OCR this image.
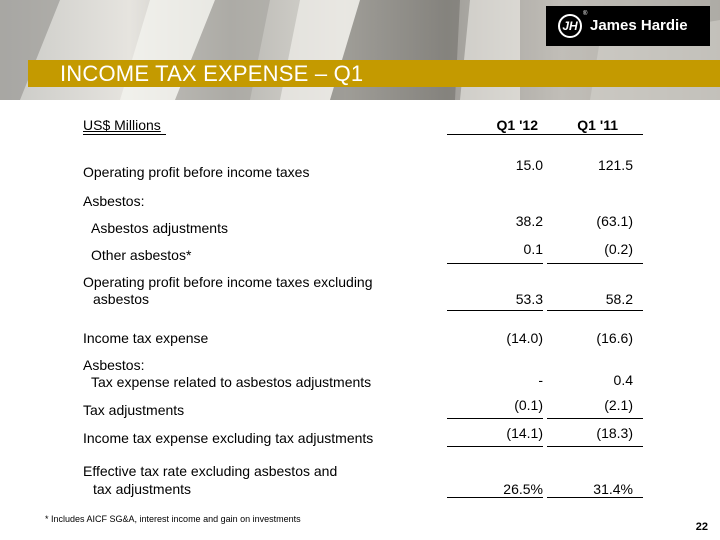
INCOME TAX EXPENSE – Q1
JH
®
James Hardie
US$ Millions	Q1 '12	Q1 '11
Operating profit before income taxes	15.0	121.5
Asbestos:
Asbestos adjustments	38.2	(63.1)
Other asbestos*	0.1	(0.2)
Operating profit before income taxes excluding
asbestos	53.3	58.2
Income tax expense	(14.0)	(16.6)
Asbestos:
Tax expense related to asbestos adjustments	-	0.4
Tax adjustments	(0.1)	(2.1)
Income tax expense excluding tax adjustments	(14.1)	(18.3)
Effective tax rate excluding asbestos and
tax adjustments	26.5%	31.4%
* Includes AICF SG&A, interest income and gain on investments
22
